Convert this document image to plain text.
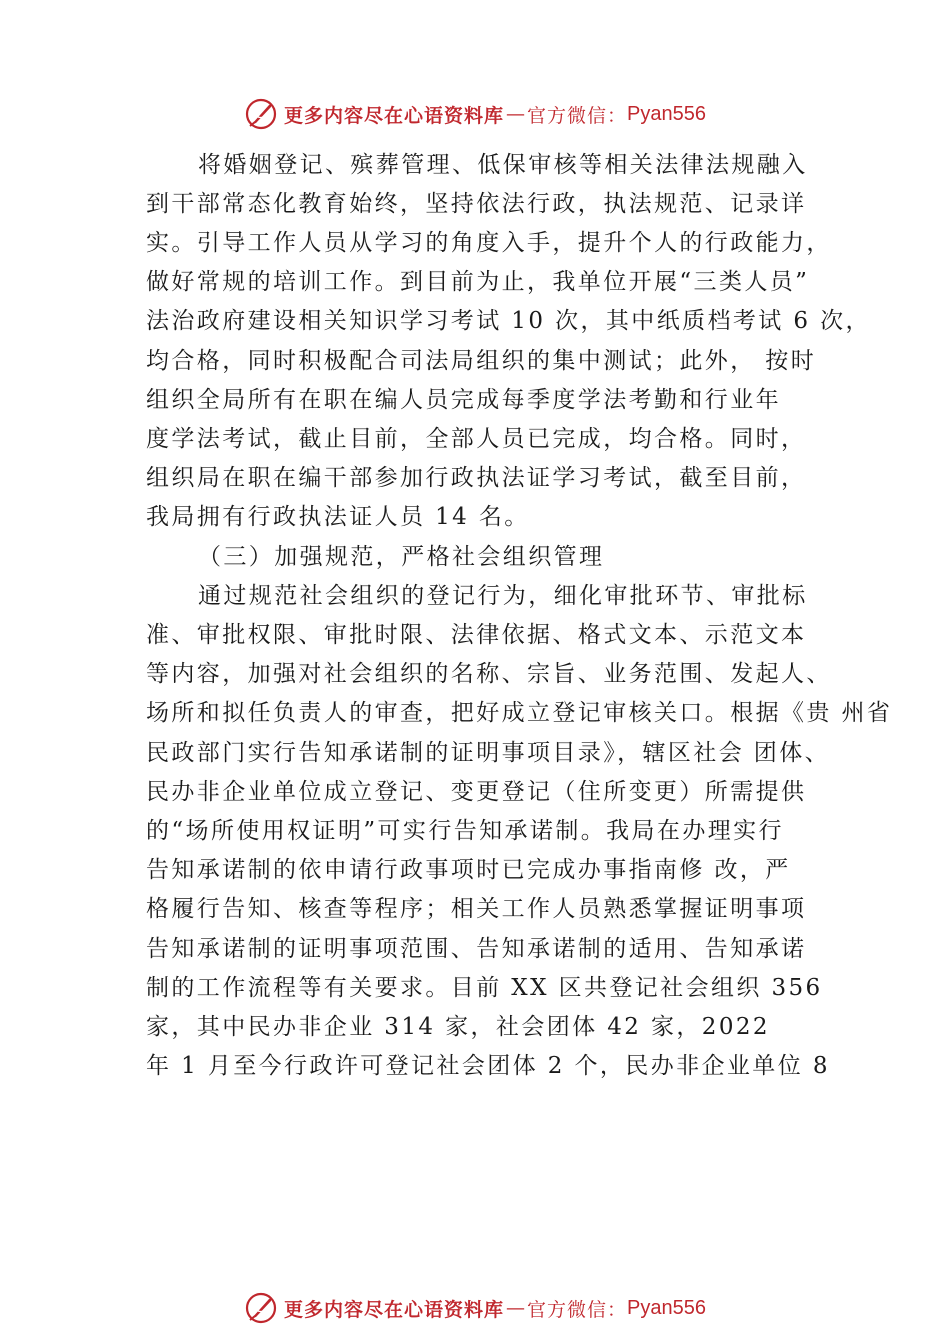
更多内容尽在心语资料库 — 官方微信： Pyan556
将婚姻登记、殡葬管理、低保审核等相关法律法规融入
到干部常态化教育始终，坚持依法行政，执法规范、记录详
实。引导工作人员从学习的角度入手，提升个人的行政能力，
做好常规的培训工作。到目前为止，我单位开展“三类人员”
法治政府建设相关知识学习考试 10 次，其中纸质档考试 6 次，
均合格，同时积极配合司法局组织的集中测试；此外， 按时
组织全局所有在职在编人员完成每季度学法考勤和行业年
度学法考试，截止目前，全部人员已完成，均合格。同时，
组织局在职在编干部参加行政执法证学习考试，截至目前，
我局拥有行政执法证人员 14 名。
（三）加强规范，严格社会组织管理
通过规范社会组织的登记行为，细化审批环节、审批标
准、审批权限、审批时限、法律依据、格式文本、示范文本
等内容，加强对社会组织的名称、宗旨、业务范围、发起人、
场所和拟任负责人的审查，把好成立登记审核关口。根据《贵 州省
民政部门实行告知承诺制的证明事项目录》，辖区社会 团体、
民办非企业单位成立登记、变更登记（住所变更）所需提供
的“场所使用权证明”可实行告知承诺制。我局在办理实行
告知承诺制的依申请行政事项时已完成办事指南修 改，严
格履行告知、核查等程序；相关工作人员熟悉掌握证明事项
告知承诺制的证明事项范围、告知承诺制的适用、告知承诺
制的工作流程等有关要求。目前 XX 区共登记社会组织 356
家，其中民办非企业 314 家，社会团体 42 家，2022
年 1 月至今行政许可登记社会团体 2 个，民办非企业单位 8
更多内容尽在心语资料库 — 官方微信： Pyan556
